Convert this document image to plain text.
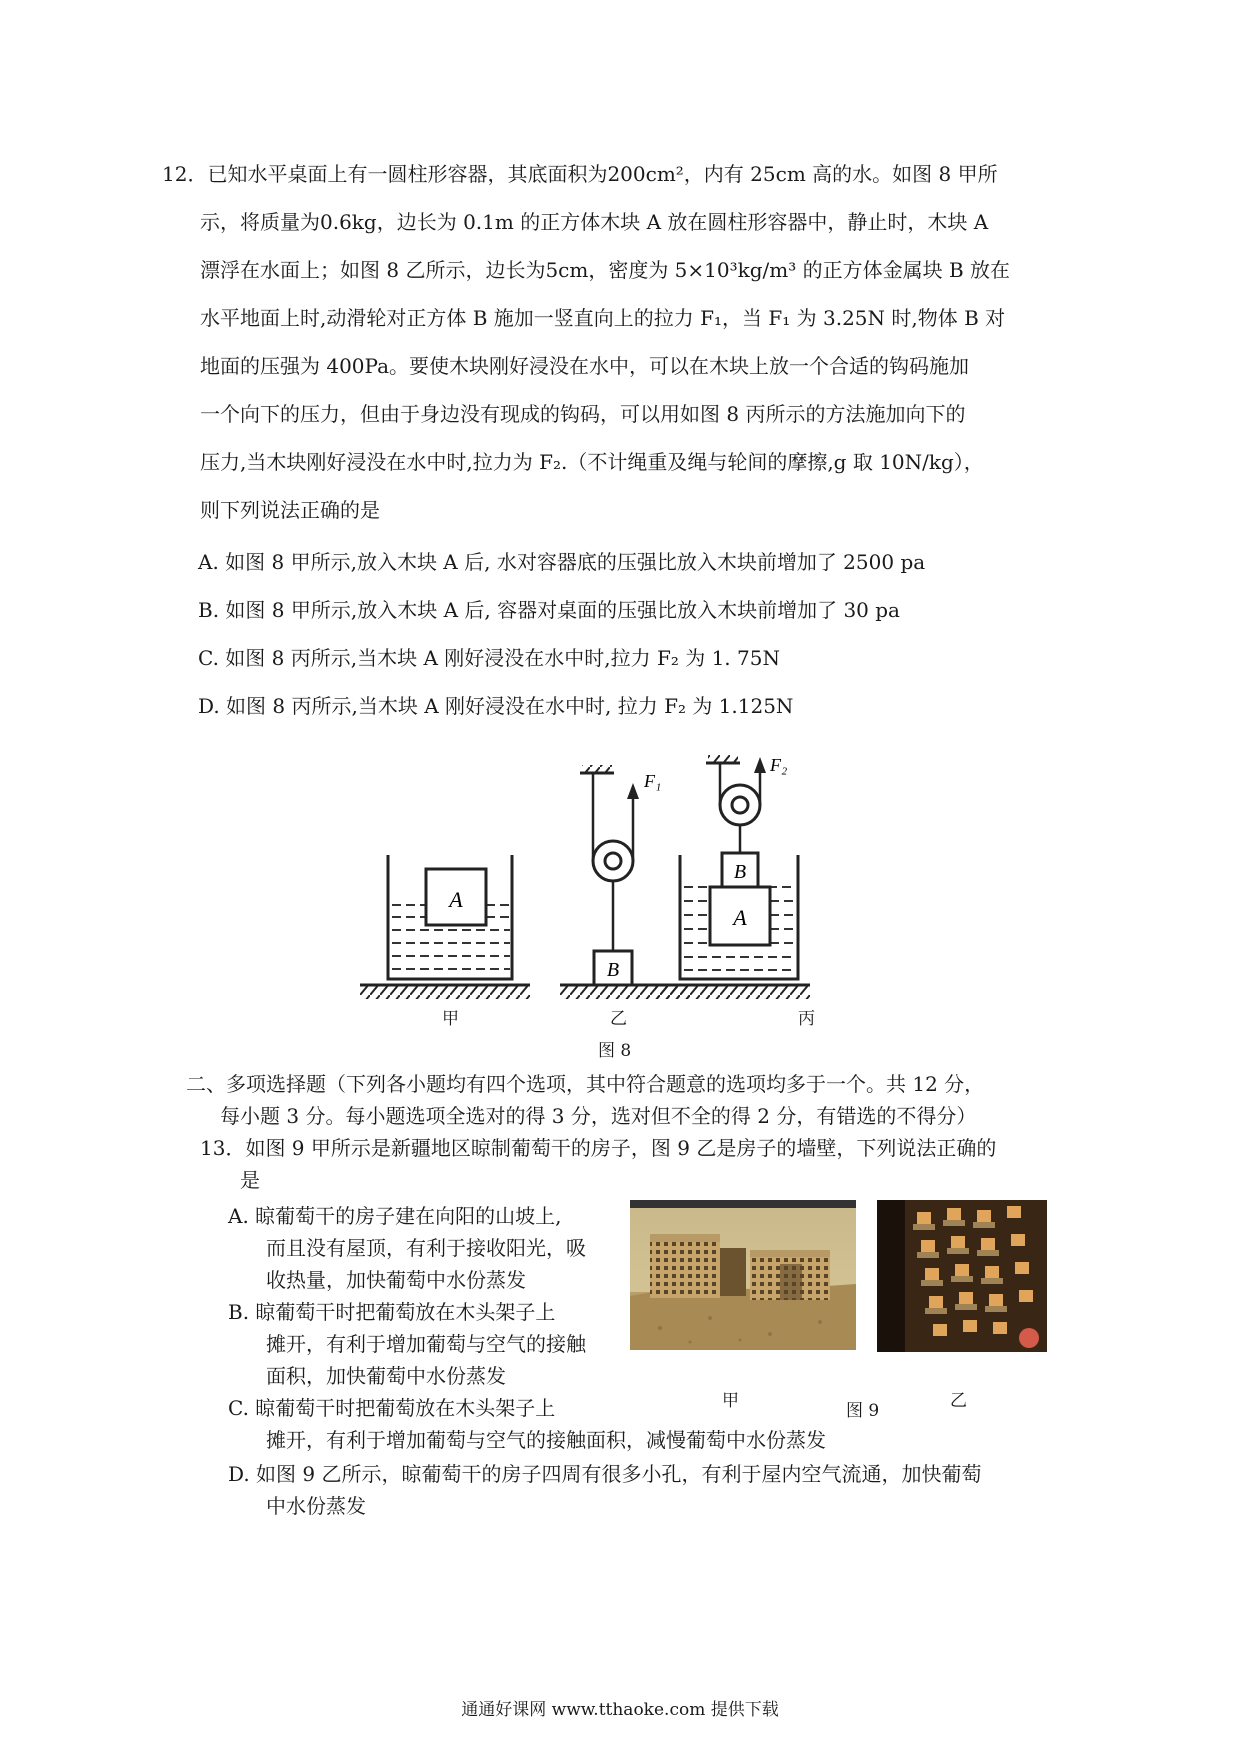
12．已知水平桌面上有一圆柱形容器，其底面积为200cm²，内有 25cm 高的水。如图 8 甲所
示，将质量为0.6kg，边长为 0.1m 的正方体木块 A 放在圆柱形容器中，静止时，木块 A
漂浮在水面上；如图 8 乙所示，边长为5cm，密度为 5×10³kg/m³ 的正方体金属块 B 放在
水平地面上时,动滑轮对正方体 B 施加一竖直向上的拉力 F₁，当 F₁ 为 3.25N 时,物体 B 对
地面的压强为 400Pa。要使木块刚好浸没在水中，可以在木块上放一个合适的钩码施加
一个向下的压力，但由于身边没有现成的钩码，可以用如图 8 丙所示的方法施加向下的
压力,当木块刚好浸没在水中时,拉力为 F₂.（不计绳重及绳与轮间的摩擦,g 取 10N/kg），
则下列说法正确的是
A. 如图 8 甲所示,放入木块 A 后, 水对容器底的压强比放入木块前增加了 2500 pa
B. 如图 8 甲所示,放入木块 A 后, 容器对桌面的压强比放入木块前增加了 30 pa
C. 如图 8 丙所示,当木块 A 刚好浸没在水中时,拉力 F₂ 为 1. 75N
D. 如图 8 丙所示,当木块 A 刚好浸没在水中时, 拉力 F₂ 为 1.125N
A
B
F₁
A
B
F₂
甲	乙	丙
图 8
二、多项选择题（下列各小题均有四个选项，其中符合题意的选项均多于一个。共 12 分，
每小题 3 分。每小题选项全选对的得 3 分，选对但不全的得 2 分，有错选的不得分）
13．如图 9 甲所示是新疆地区晾制葡萄干的房子，图 9 乙是房子的墙壁，下列说法正确的
是
A. 晾葡萄干的房子建在向阳的山坡上,
而且没有屋顶，有利于接收阳光，吸
收热量，加快葡萄中水份蒸发
B. 晾葡萄干时把葡萄放在木头架子上
摊开，有利于增加葡萄与空气的接触
面积，加快葡萄中水份蒸发
C. 晾葡萄干时把葡萄放在木头架子上
摊开，有利于增加葡萄与空气的接触面积，减慢葡萄中水份蒸发
D. 如图 9 乙所示，晾葡萄干的房子四周有很多小孔，有利于屋内空气流通，加快葡萄
中水份蒸发
甲	图 9	乙
通通好课网 www.tthaoke.com 提供下载
